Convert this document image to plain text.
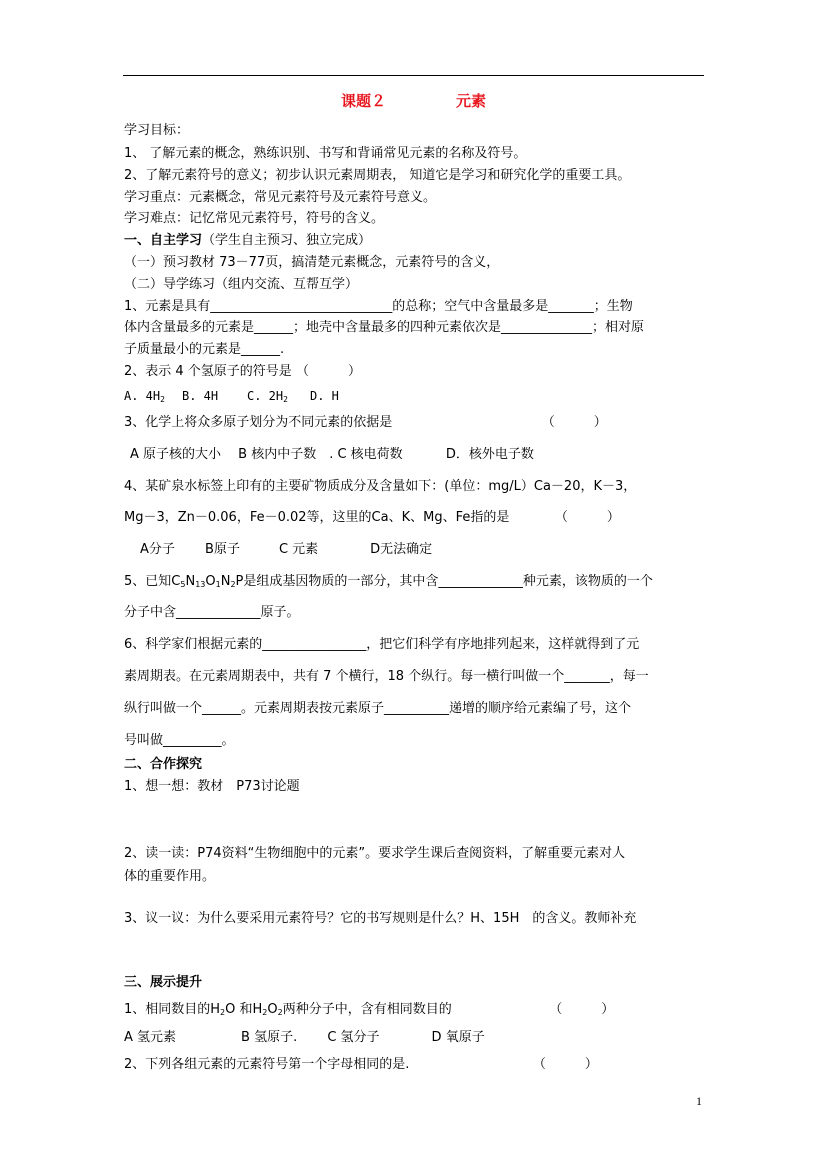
课题２	元素
学习目标：
1、 了解元素的概念，熟练识别、书写和背诵常见元素的名称及符号。
2、了解元素符号的意义；初步认识元素周期表， 知道它是学习和研究化学的重要工具。
学习重点：元素概念，常见元素符号及元素符号意义。
学习难点：记忆常见元素符号，符号的含义。
一、自主学习（学生自主预习、独立完成）
（一）预习教材 73－77页，搞清楚元素概念，元素符号的含义，
（二）导学练习（组内交流、互帮互学）
1、元素是具有____________________________的总称；空气中含量最多是_______；生物
体内含量最多的元素是______；地壳中含量最多的四种元素依次是______________；相对原
子质量最小的元素是______.
2、表示 4 个氢原子的符号是 （　　　）
A. $4H_2$ B. 4H C. $2H_2$ D. H
3、化学上将众多原子划分为不同元素的依据是　　　　　　　　　　　　（　　　）
A 原子核的大小　 B 核内中子数　. C 核电荷数　　　 D．核外电子数
4、某矿泉水标签上印有的主要矿物质成分及含量如下：(单位：mg/L）Ca－20，K－3，
Mg－3，Zn－0.06，Fe－0.02等，这里的Ca、K、Mg、Fe指的是　　　　（　　　）
A分子　　 B原子　　　C 元素　　　　D无法确定
5、已知$C_5N_{13}O_1N_2P$是组成基因物质的一部分，其中含_____________种元素，该物质的一个
分子中含_____________原子。
6、科学家们根据元素的________________，把它们科学有序地排列起来，这样就得到了元
素周期表。在元素周期表中，共有 7 个横行，18 个纵行。每一横行叫做一个_______，每一
纵行叫做一个______。元素周期表按元素原子__________递增的顺序给元素编了号，这个
号叫做_________。
二、合作探究
1、想一想：教材　P73讨论题
2、读一读：P74资料“生物细胞中的元素”。要求学生课后查阅资料，了解重要元素对人
体的重要作用。
3、议一议：为什么要采用元素符号？它的书写规则是什么？H、15H　的含义。教师补充
三、展示提升
1、相同数目的$H_2O$ 和$H_2O_2$两种分子中，含有相同数目的　　　　　　　　（　　　）
A 氢元素　　　　　B 氢原子.　　 C 氢分子　　　　D 氧原子
2、下列各组元素的元素符号第一个字母相同的是.　　　　　　　　　　（　　　）
1
